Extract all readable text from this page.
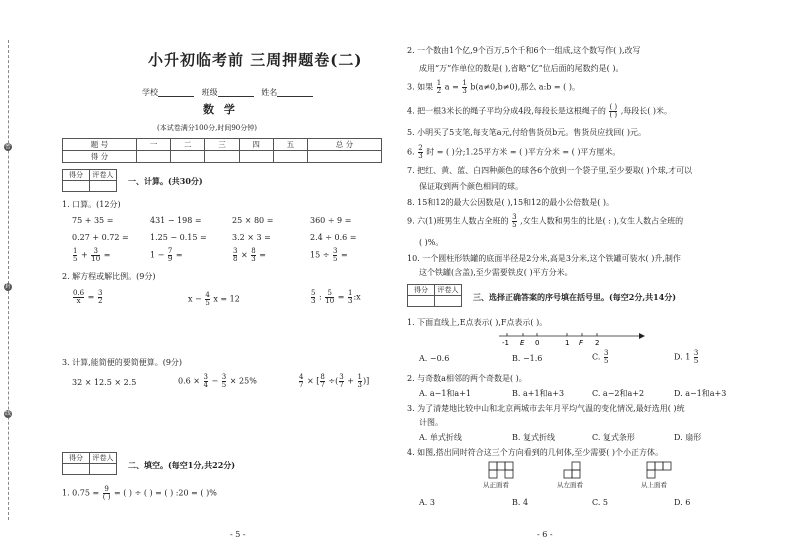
密
封
线
小升初临考前 三周押题卷(二)
学校	班级	姓名
数 学
(本试卷满分100分,时间90分钟)
题 号	一	二	三	四	五	总 分
得 分						
得分	评卷人

一、计算。(共30分)
1. 口算。(12分)
75 + 35 =	431 − 198 =	25 × 80 =	360 ÷ 9 =
0.27 + 0.72 =	1.25 − 0.15 =	3.2 × 3 =	2.4 ÷ 0.6 =
$\frac{1}{5} + \frac{3}{10}$ =	$1 - \frac{7}{9}$ =	$\frac{3}{8} \times \frac{8}{3}$ =	$15 \div \frac{3}{5}$ =
2. 解方程或解比例。(9分)
$\frac{0.6}{x} = \frac{3}{2}$	$x - \frac{4}{5}$ x = 12	$\frac{5}{3}$ : $\frac{5}{10} = \frac{1}{3}$ :x
3. 计算,能简便的要简便算。(9分)
32 × 12.5 × 2.5	$0.6 \times \frac{3}{4} - \frac{3}{5} \times 25\%$	$\frac{4}{7}$ × [ $\frac{8}{7}$ ÷( $\frac{3}{7} + \frac{1}{3}$ )]
得分	评卷人

二、填空。(每空1分,共22分)
1. $0.75 = \frac{9}{( )}$ = ( ) ÷ ( ) = ( ) :20 = ( )%
- 5 -
2. 一个数由1个亿,9个百万,5个千和6个一组成,这个数写作( ),改写
成用“万”作单位的数是( ),省略“亿”位后面的尾数约是( )。
3. 如果 $\frac{1}{2}$ $a = \frac{1}{3} b(a\ne 0,b\ne 0)$,那么 a:b = ( )。
4. 把一根3米长的绳子平均分成4段,每段长是这根绳子的 $\frac{( )}{( )}$ ,每段长( )米。
5. 小明买了5支笔,每支笔a元,付给售货员b元。售货员应找回( )元。
6. $\frac{2}{3}$ 时 = ( )分;1.25平方米 = ( )平方分米 = ( )平方厘米。
7. 把红、黄、蓝、白四种颜色的球各6个放到一个袋子里,至少要取( )个球,才可以
保证取到两个颜色相同的球。
8. 15和12的最大公因数是( ),15和12的最小公倍数是( )。
9. 六(1)班男生人数占全班的 $\frac{3}{5}$ ,女生人数和男生的比是( : ),女生人数占全班的
( )%。
10. 一个圆柱形铁罐的底面半径是2分米,高是3分米,这个铁罐可装水( )升,制作
这个铁罐(含盖),至少需要铁皮( )平方分米。
得分	评卷人

三、选择正确答案的序号填在括号里。(每空2分,共14分)
1. 下面直线上,E点表示( ),F点表示( )。
-1 E 0	1 F 2
A. −0.6	B. −1.6	C. $\frac{3}{5}$	D. $1 \frac{3}{5}$
2. 与奇数a相邻的两个奇数是( )。
A. a−1和a+1	B. a+1和a+3	C. a−2和a+2	D. a−1和a+3
3. 为了清楚地比较中山和北京两城市去年月平均气温的变化情况,最好选用( )统
计图。
A. 单式折线	B. 复式折线	C. 复式条形	D. 扇形
4. 如图,搭出同时符合这三个方向看到的几何体,至少需要( )个小正方体。
从正面看	从左面看	从上面看
A. 3	B. 4	C. 5	D. 6
- 6 -
